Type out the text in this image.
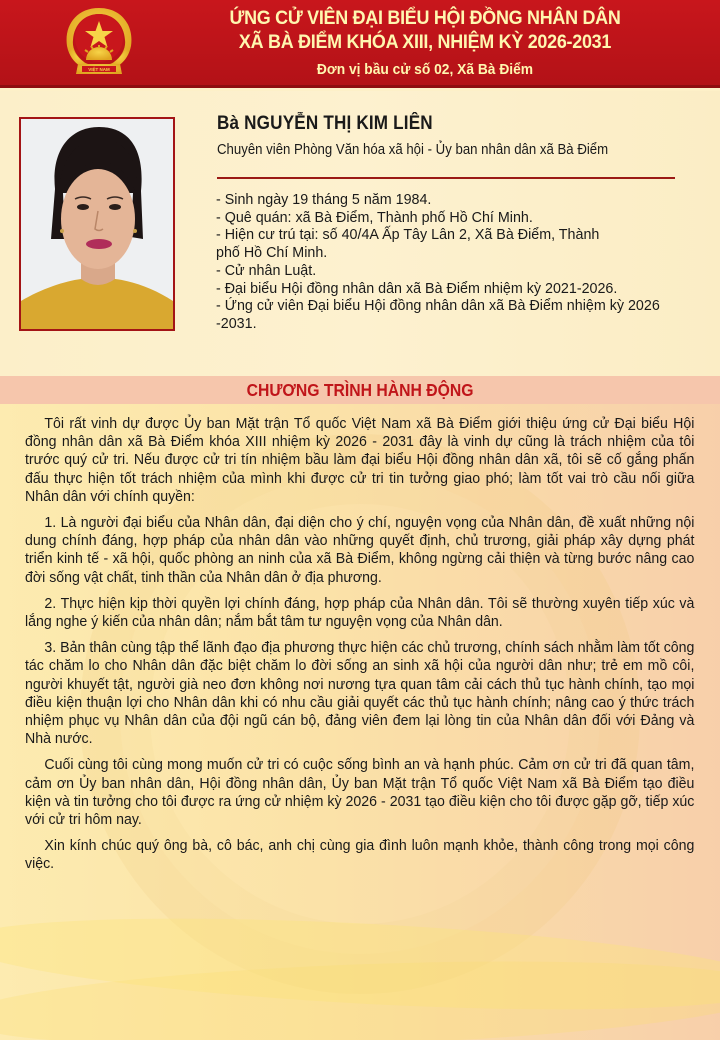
VIỆT NAM
ỨNG CỬ VIÊN ĐẠI BIỂU HỘI ĐỒNG NHÂN DÂN
XÃ BÀ ĐIỂM KHÓA XIII, NHIỆM KỲ 2026-2031
Đơn vị bầu cử số 02, Xã Bà Điểm
Bà NGUYỄN THỊ KIM LIÊN
Chuyên viên Phòng Văn hóa xã hội - Ủy ban nhân dân xã Bà Điểm
- Sinh ngày 19 tháng 5 năm 1984.
- Quê quán: xã Bà Điểm, Thành phố Hồ Chí Minh.
- Hiện cư trú tại: số 40/4A Ấp Tây Lân 2, Xã Bà Điểm, Thành phố Hồ Chí Minh.
- Cử nhân Luật.
- Đại biểu Hội đồng nhân dân xã Bà Điểm nhiệm kỳ 2021-2026.
- Ứng cử viên Đại biểu Hội đồng nhân dân xã Bà Điểm nhiệm kỳ 2026 -2031.
CHƯƠNG TRÌNH HÀNH ĐỘNG

Tôi rất vinh dự được Ủy ban Mặt trận Tổ quốc Việt Nam xã Bà Điểm giới thiệu ứng cử Đại biểu Hội đồng nhân dân xã Bà Điểm khóa XIII nhiệm kỳ 2026 - 2031 đây là vinh dự cũng là trách nhiệm của tôi trước quý cử tri. Nếu được cử tri tín nhiệm bầu làm đại biểu Hội đồng nhân dân xã, tôi sẽ cố gắng phấn đấu thực hiện tốt trách nhiệm của mình khi được cử tri tin tưởng giao phó; làm tốt vai trò cầu nối giữa Nhân dân với chính quyền:

1. Là người đại biểu của Nhân dân, đại diện cho ý chí, nguyện vọng của Nhân dân, đề xuất những nội dung chính đáng, hợp pháp của nhân dân vào những quyết định, chủ trương, giải pháp xây dựng phát triển kinh tế - xã hội, quốc phòng an ninh của xã Bà Điểm, không ngừng cải thiện và từng bước nâng cao đời sống vật chất, tinh thần của Nhân dân ở địa phương.

2. Thực hiện kịp thời quyền lợi chính đáng, hợp pháp của Nhân dân. Tôi sẽ thường xuyên tiếp xúc và lắng nghe ý kiến của nhân dân; nắm bắt tâm tư nguyện vọng của Nhân dân.

3. Bản thân cùng tập thể lãnh đạo địa phương thực hiện các chủ trương, chính sách nhằm làm tốt công tác chăm lo cho Nhân dân đặc biệt chăm lo đời sống an sinh xã hội của người dân như; trẻ em mồ côi, người khuyết tật, người già neo đơn không nơi nương tựa quan tâm cải cách thủ tục hành chính, tạo mọi điều kiện thuận lợi cho Nhân dân khi có nhu cầu giải quyết các thủ tục hành chính; nâng cao ý thức trách nhiệm phục vụ Nhân dân của đội ngũ cán bộ, đảng viên đem lại lòng tin của Nhân dân đối với Đảng và Nhà nước.

Cuối cùng tôi cùng mong muốn cử tri có cuộc sống bình an và hạnh phúc. Cảm ơn cử tri đã quan tâm, cảm ơn Ủy ban nhân dân, Hội đồng nhân dân, Ủy ban Mặt trận Tổ quốc Việt Nam xã Bà Điểm tạo điều kiện và tin tưởng cho tôi được ra ứng cử nhiệm kỳ 2026 - 2031 tạo điều kiện cho tôi được gặp gỡ, tiếp xúc với cử tri hôm nay.

Xin kính chúc quý ông bà, cô bác, anh chị cùng gia đình luôn mạnh khỏe, thành công trong mọi công việc.
